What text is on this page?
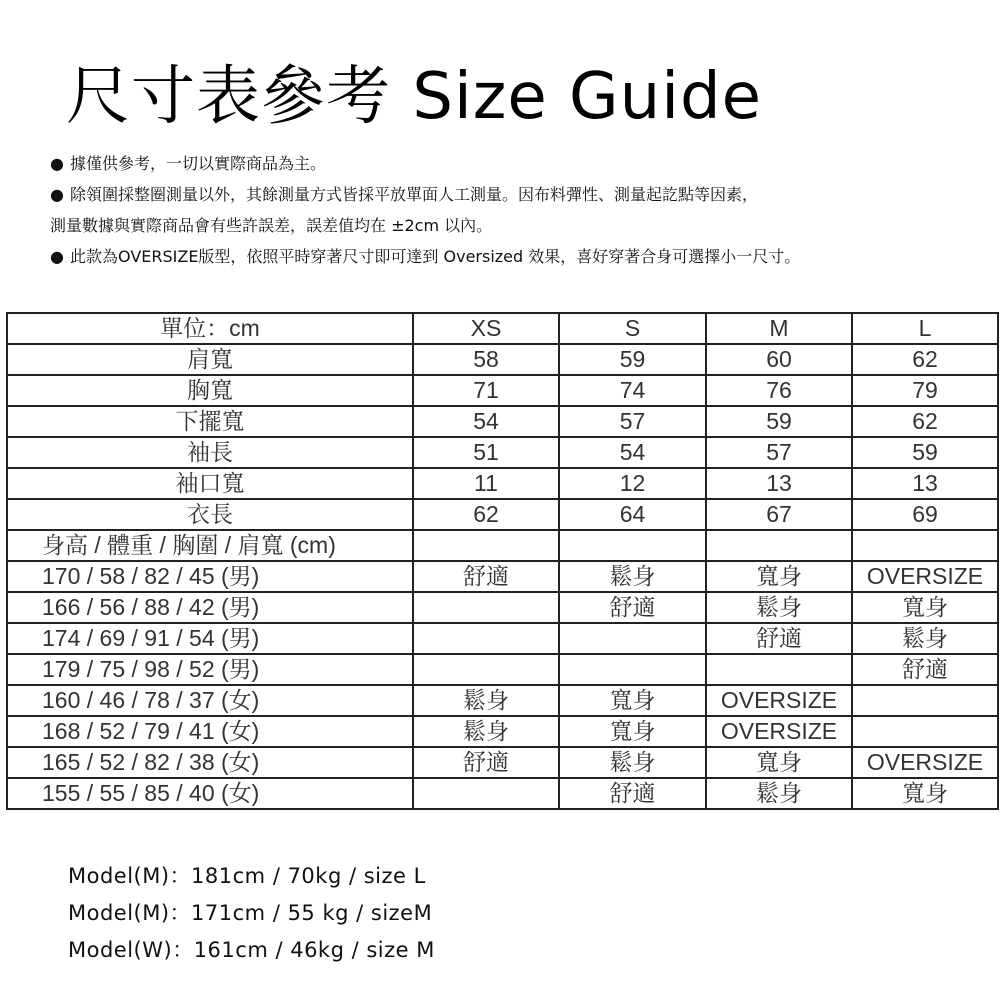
尺寸表參考 Size Guide
● 據僅供參考，一切以實際商品為主。
● 除領圍採整圈測量以外，其餘測量方式皆採平放單面人工測量。因布料彈性、測量起訖點等因素，
測量數據與實際商品會有些許誤差，誤差值均在 ±2cm 以內。
● 此款為OVERSIZE版型，依照平時穿著尺寸即可達到 Oversized 效果，喜好穿著合身可選擇小一尺寸。
單位：cm	XS	S	M	L
肩寬	58	59	60	62
胸寬	71	74	76	79
下擺寬	54	57	59	62
袖長	51	54	57	59
袖口寬	11	12	13	13
衣長	62	64	67	69
身高 / 體重 / 胸圍 / 肩寬 (cm)				
170 / 58 / 82 / 45 (男)	舒適	鬆身	寬身	OVERSIZE
166 / 56 / 88 / 42 (男)		舒適	鬆身	寬身
174 / 69 / 91 / 54 (男)			舒適	鬆身
179 / 75 / 98 / 52 (男)				舒適
160 / 46 / 78 / 37 (女)	鬆身	寬身	OVERSIZE	
168 / 52 / 79 / 41 (女)	鬆身	寬身	OVERSIZE	
165 / 52 / 82 / 38 (女)	舒適	鬆身	寬身	OVERSIZE
155 / 55 / 85 / 40 (女)		舒適	鬆身	寬身
Model(M)：181cm / 70kg / size L
Model(M)：171cm / 55 kg / sizeM
Model(W)：161cm / 46kg / size M
